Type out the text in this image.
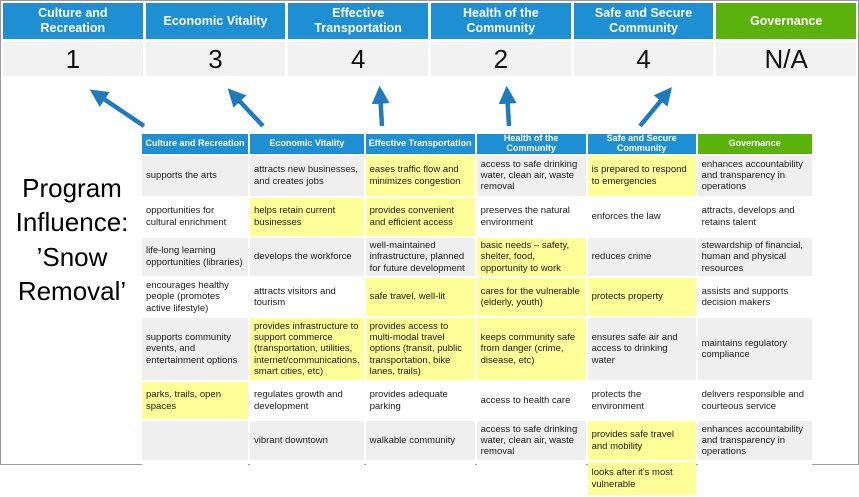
Culture and Recreation
Economic Vitality
Effective Transportation
Health of the Community
Safe and Secure Community
Governance
1	3	4	2	4	N/A
Program Influence: ’Snow Removal’
Culture and Recreation	Economic Vitality	Effective Transportation	Health of the Community	Safe and Secure Community	Governance
supports the arts	attracts new businesses, and creates jobs	eases traffic flow and minimizes congestion	access to safe drinking water, clean air, waste removal	is prepared to respond to emergencies	enhances accountability and transparency in operations
opportunities for cultural enrichment	helps retain current businesses	provides convenient and efficient access	preserves the natural environment	enforces the law	attracts, develops and retains talent
life-long learning opportunities (libraries)	develops the workforce	well-maintained infrastructure, planned for future development	basic needs – safety, shelter, food, opportunity to work	reduces crime	stewardship of financial, human and physical resources
encourages healthy people (promotes active lifestyle)	attracts visitors and tourism	safe travel, well-lit	cares for the vulnerable (elderly, youth)	protects property	assists and supports decision makers
supports community events, and entertainment options	provides infrastructure to support commerce (transportation, utilities, internet/communications, smart cities, etc)	provides access to multi-modal travel options (transit, public transportation, bike lanes, trails)	keeps community safe from danger (crime, disease, etc)	ensures safe air and access to drinking water	maintains regulatory compliance
parks, trails, open spaces	regulates growth and development	provides adequate parking	access to health care	protects the environment	delivers responsible and courteous service
	vibrant downtown	walkable community	access to safe drinking water, clean air, waste removal	provides safe travel and mobility	enhances accountability and transparency in operations
				looks after it's most vulnerable	
